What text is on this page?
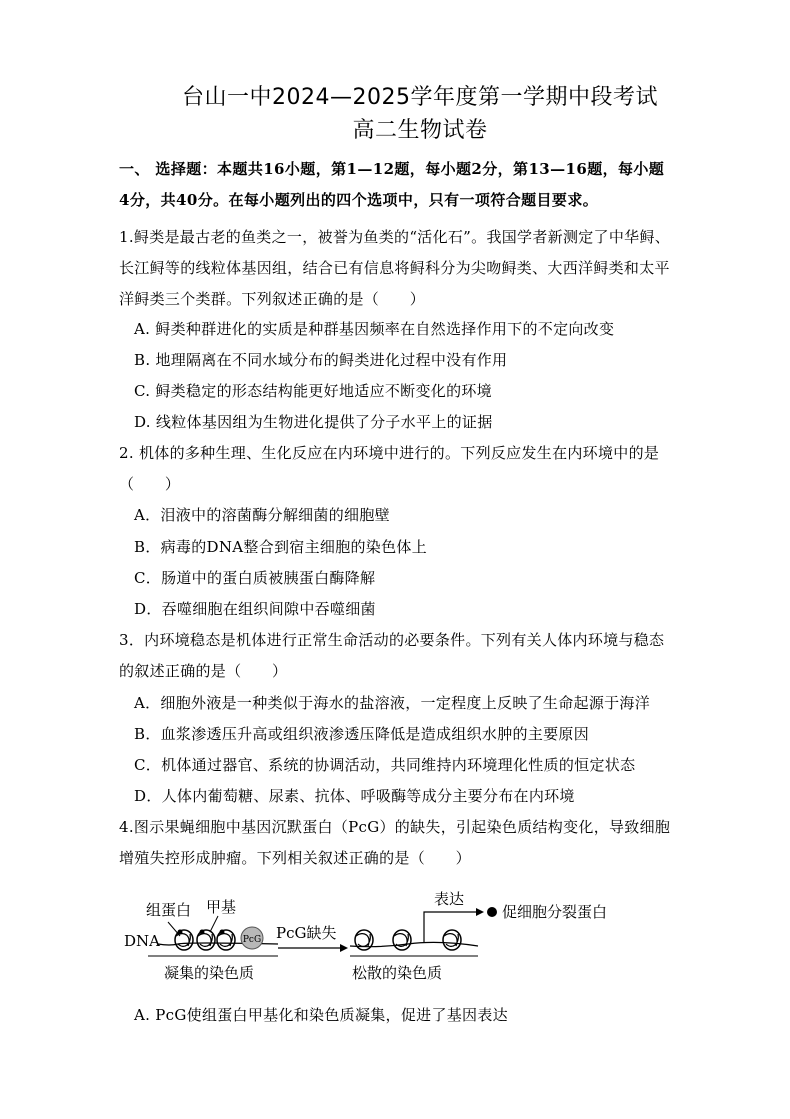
台山一中2024—2025学年度第一学期中段考试
高二生物试卷
一、 选择题：本题共16小题，第1—12题，每小题2分，第13—16题，每小题4分，共40分。在每小题列出的四个选项中，只有一项符合题目要求。
1.鲟类是最古老的鱼类之一，被誉为鱼类的“活化石”。我国学者新测定了中华鲟、长江鲟等的线粒体基因组，结合已有信息将鲟科分为尖吻鲟类、大西洋鲟类和太平洋鲟类三个类群。下列叙述正确的是（　　）
A. 鲟类种群进化的实质是种群基因频率在自然选择作用下的不定向改变
B. 地理隔离在不同水域分布的鲟类进化过程中没有作用
C. 鲟类稳定的形态结构能更好地适应不断变化的环境
D. 线粒体基因组为生物进化提供了分子水平上的证据
2. 机体的多种生理、生化反应在内环境中进行的。下列反应发生在内环境中的是（　　）
A．泪液中的溶菌酶分解细菌的细胞壁
B．病毒的DNA整合到宿主细胞的染色体上
C．肠道中的蛋白质被胰蛋白酶降解
D．吞噬细胞在组织间隙中吞噬细菌
3．内环境稳态是机体进行正常生命活动的必要条件。下列有关人体内环境与稳态的叙述正确的是（　　）
A．细胞外液是一种类似于海水的盐溶液，一定程度上反映了生命起源于海洋
B．血浆渗透压升高或组织液渗透压降低是造成组织水肿的主要原因
C．机体通过器官、系统的协调活动，共同维持内环境理化性质的恒定状态
D．人体内葡萄糖、尿素、抗体、呼吸酶等成分主要分布在内环境
4.图示果蝇细胞中基因沉默蛋白（PcG）的缺失，引起染色质结构变化，导致细胞增殖失控形成肿瘤。下列相关叙述正确的是（　　）
组蛋白 甲基
DNA	PcG
凝集的染色质
PcG缺失
松散的染色质
表达
促细胞分裂蛋白
A. PcG使组蛋白甲基化和染色质凝集，促进了基因表达
